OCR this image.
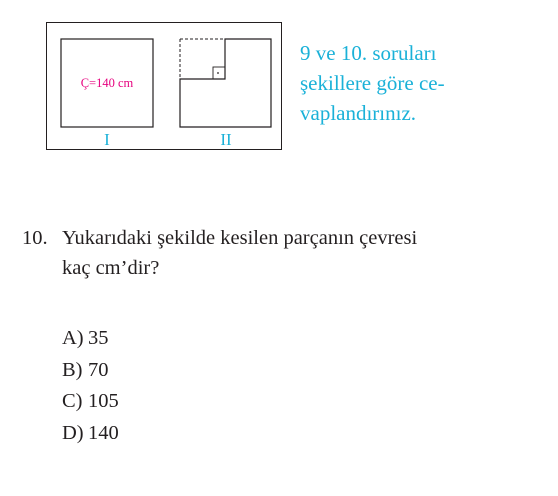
Ç=140 cm
I	II
9 ve 10. soruları
şekillere göre ce-
vaplandırınız.
10. Yukarıdaki şekilde kesilen parçanın çevresi
kaç cm’dir?
A) 35
B) 70
C) 105
D) 140
